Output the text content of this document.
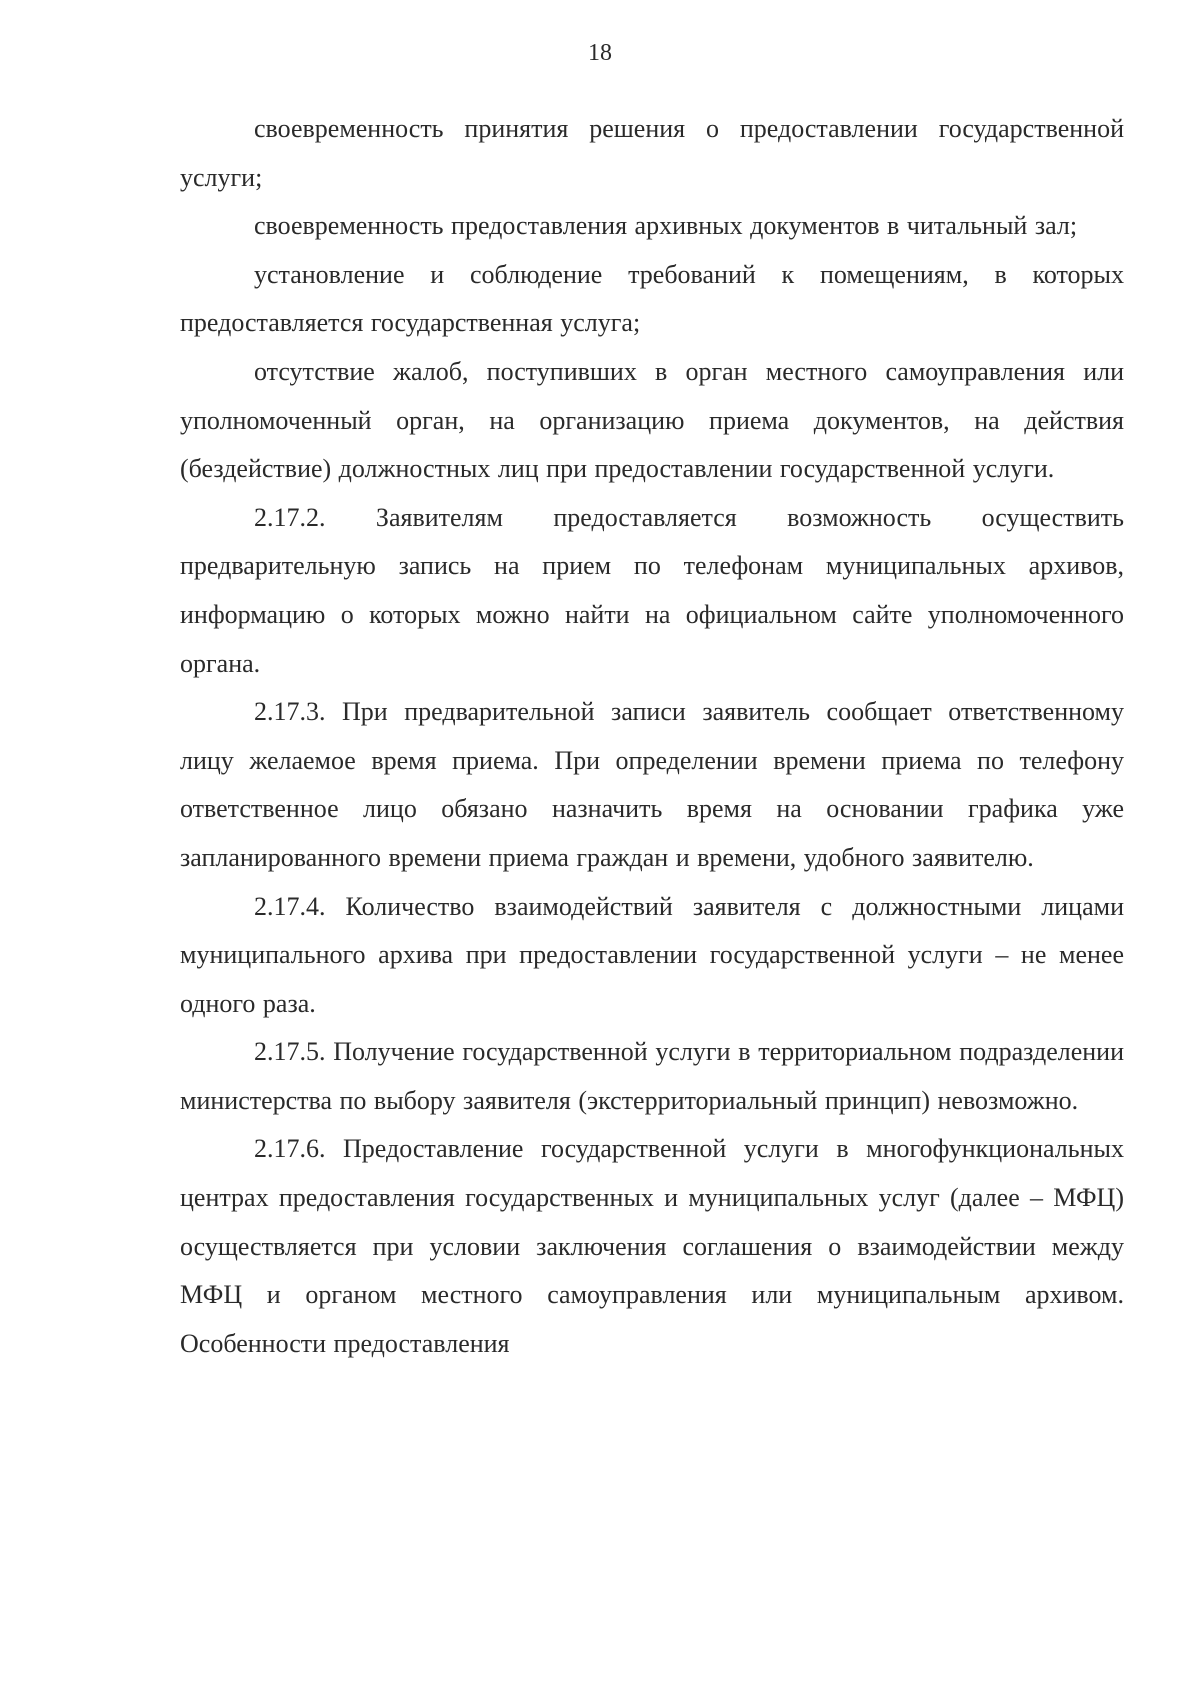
18

своевременность принятия решения о предоставлении государственной услуги;

своевременность предоставления архивных документов в читальный зал;

установление и соблюдение требований к помещениям, в которых предоставляется государственная услуга;

отсутствие жалоб, поступивших в орган местного самоуправления или уполномоченный орган, на организацию приема документов, на действия (бездействие) должностных лиц при предоставлении государственной услуги.

2.17.2. Заявителям предоставляется возможность осуществить предварительную запись на прием по телефонам муниципальных архивов, информацию о которых можно найти на официальном сайте уполномоченного органа.

2.17.3. При предварительной записи заявитель сообщает ответственному лицу желаемое время приема. При определении времени приема по телефону ответственное лицо обязано назначить время на основании графика уже запланированного времени приема граждан и времени, удобного заявителю.

2.17.4. Количество взаимодействий заявителя с должностными лицами муниципального архива при предоставлении государственной услуги – не менее одного раза.

2.17.5. Получение государственной услуги в территориальном подразделении министерства по выбору заявителя (экстерриториальный принцип) невозможно.

2.17.6. Предоставление государственной услуги в многофункциональных центрах предоставления государственных и муниципальных услуг (далее – МФЦ) осуществляется при условии заключения соглашения о взаимодействии между МФЦ и органом местного самоуправления или муниципальным архивом. Особенности предоставления
